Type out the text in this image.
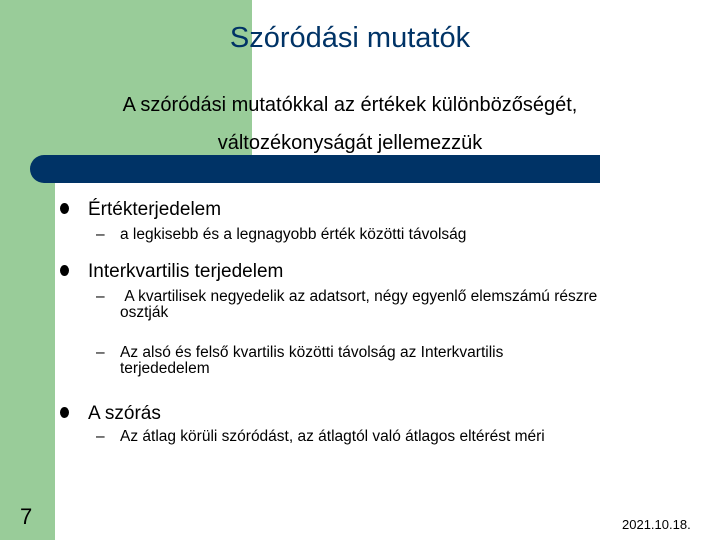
Szóródási mutatók
A szóródási mutatókkal az értékek különbözőségét,
változékonyságát jellemezzük
Értékterjedelem
– a legkisebb és a legnagyobb érték közötti távolság
Interkvartilis terjedelem
– A kvartilisek negyedelik az adatsort, négy egyenlő elemszámú részre osztják
– Az alsó és felső kvartilis közötti távolság az Interkvartilis terjededelem
A szórás
– Az átlag körüli szóródást, az átlagtól való átlagos eltérést méri
7	2021.10.18.
